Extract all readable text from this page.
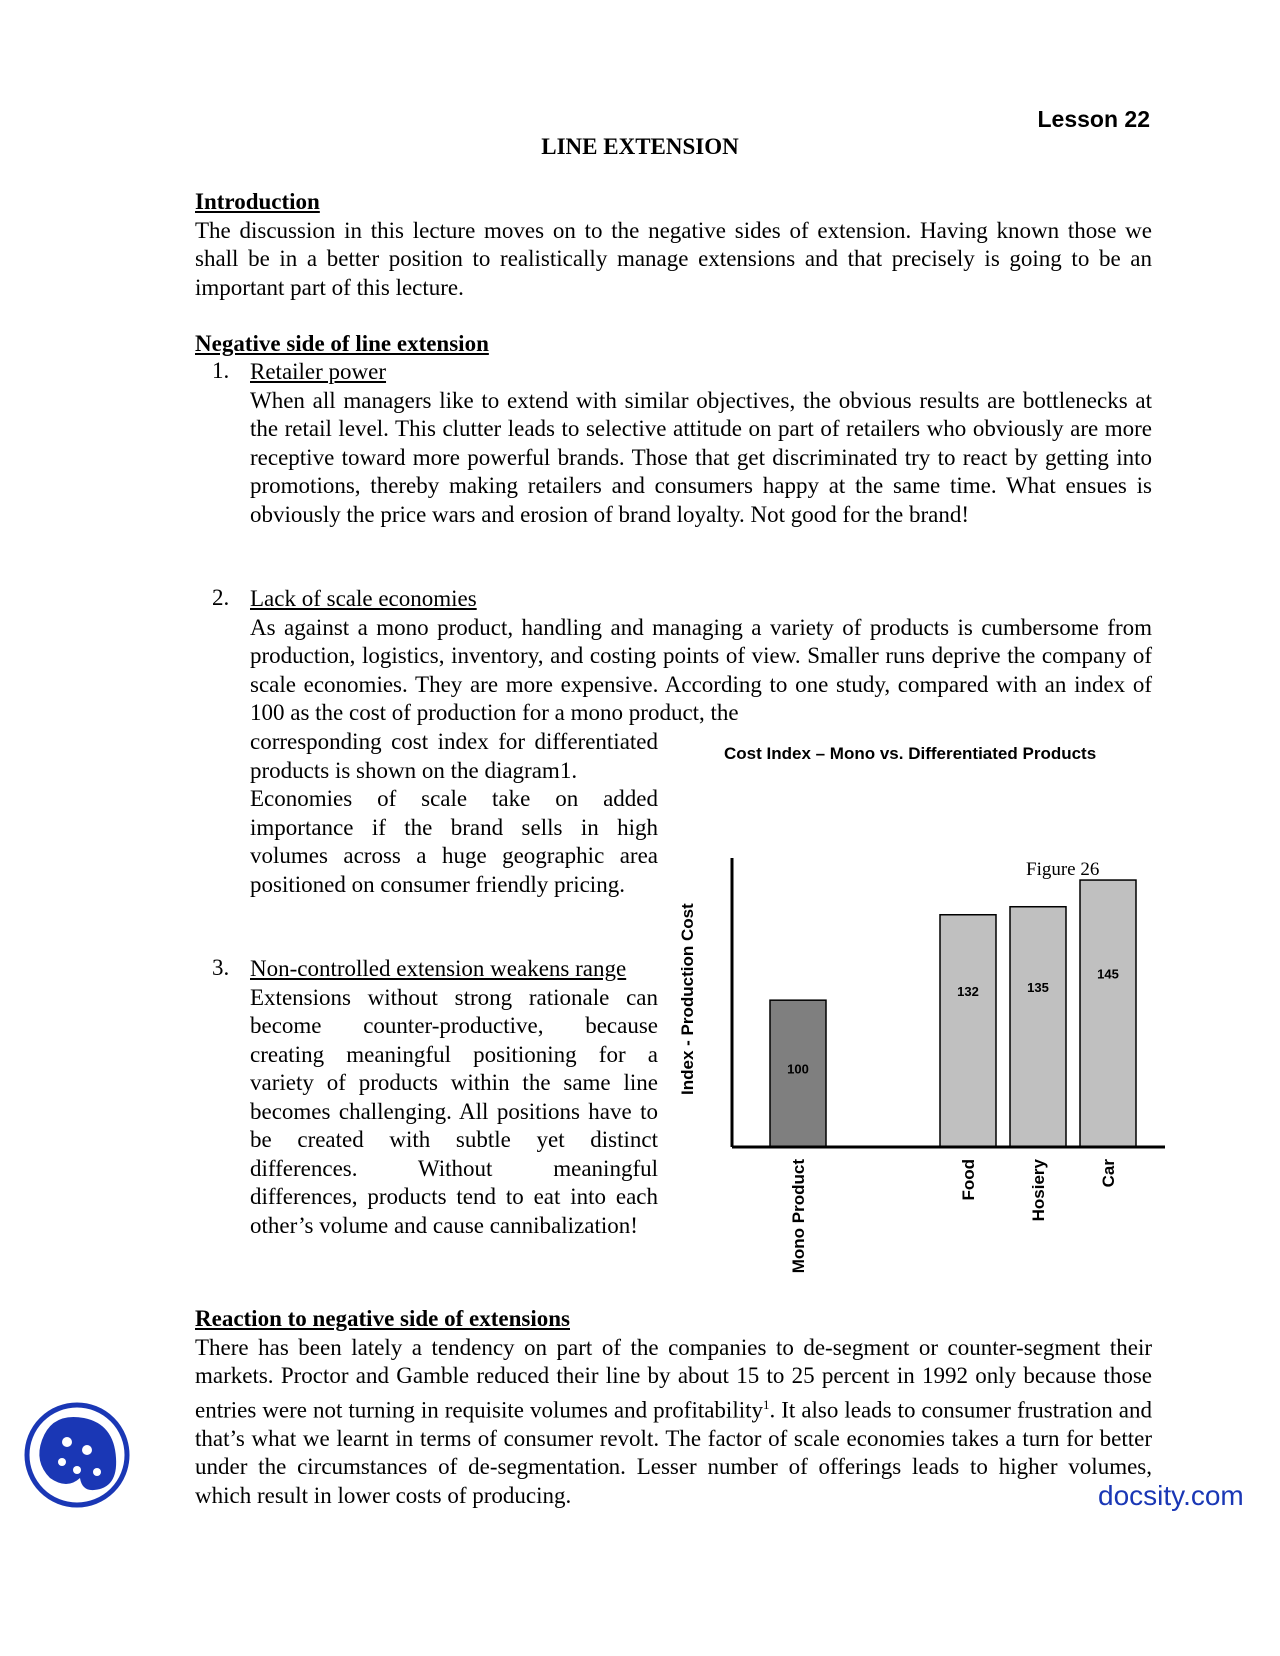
Lesson 22
LINE EXTENSION
Introduction

The discussion in this lecture moves on to the negative sides of extension. Having known those we shall be in a better position to realistically manage extensions and that precisely is going to be an important part of this lecture.

Negative side of line extension
1. Retailer power

When all managers like to extend with similar objectives, the obvious results are bottlenecks at the retail level. This clutter leads to selective attitude on part of retailers who obviously are more receptive toward more powerful brands. Those that get discriminated try to react by getting into promotions, thereby making retailers and consumers happy at the same time. What ensues is obviously the price wars and erosion of brand loyalty. Not good for the brand!

2. Lack of scale economies

As against a mono product, handling and managing a variety of products is cumbersome from production, logistics, inventory, and costing points of view. Smaller runs deprive the company of scale economies. They are more expensive. According to one study, compared with an index of 100 as the cost of production for a mono product, the

corresponding cost index for differentiated products is shown on the diagram1.

Economies of scale take on added importance if the brand sells in high volumes across a huge geographic area positioned on consumer friendly pricing.

3. Non-controlled extension weakens range

Extensions without strong rationale can become counter-productive, because creating meaningful positioning for a variety of products within the same line becomes challenging. All positions have to be created with subtle yet distinct differences. Without meaningful differences, products tend to eat into each other’s volume and cause cannibalization!

Cost Index – Mono vs. Differentiated Products
Figure 26
Index - Production Cost	100
Mono Product
132
Food
135
Hosiery
145
Car
Reaction to negative side of extensions

There has been lately a tendency on part of the companies to de-segment or counter-segment their markets. Proctor and Gamble reduced their line by about 15 to 25 percent in 1992 only because those entries were not turning in requisite volumes and profitability$^1$. It also leads to consumer frustration and that’s what we learnt in terms of consumer revolt. The factor of scale economies takes a turn for better under the circumstances of de-segmentation. Lesser number of offerings leads to higher volumes, which result in lower costs of producing.	docsity.com
